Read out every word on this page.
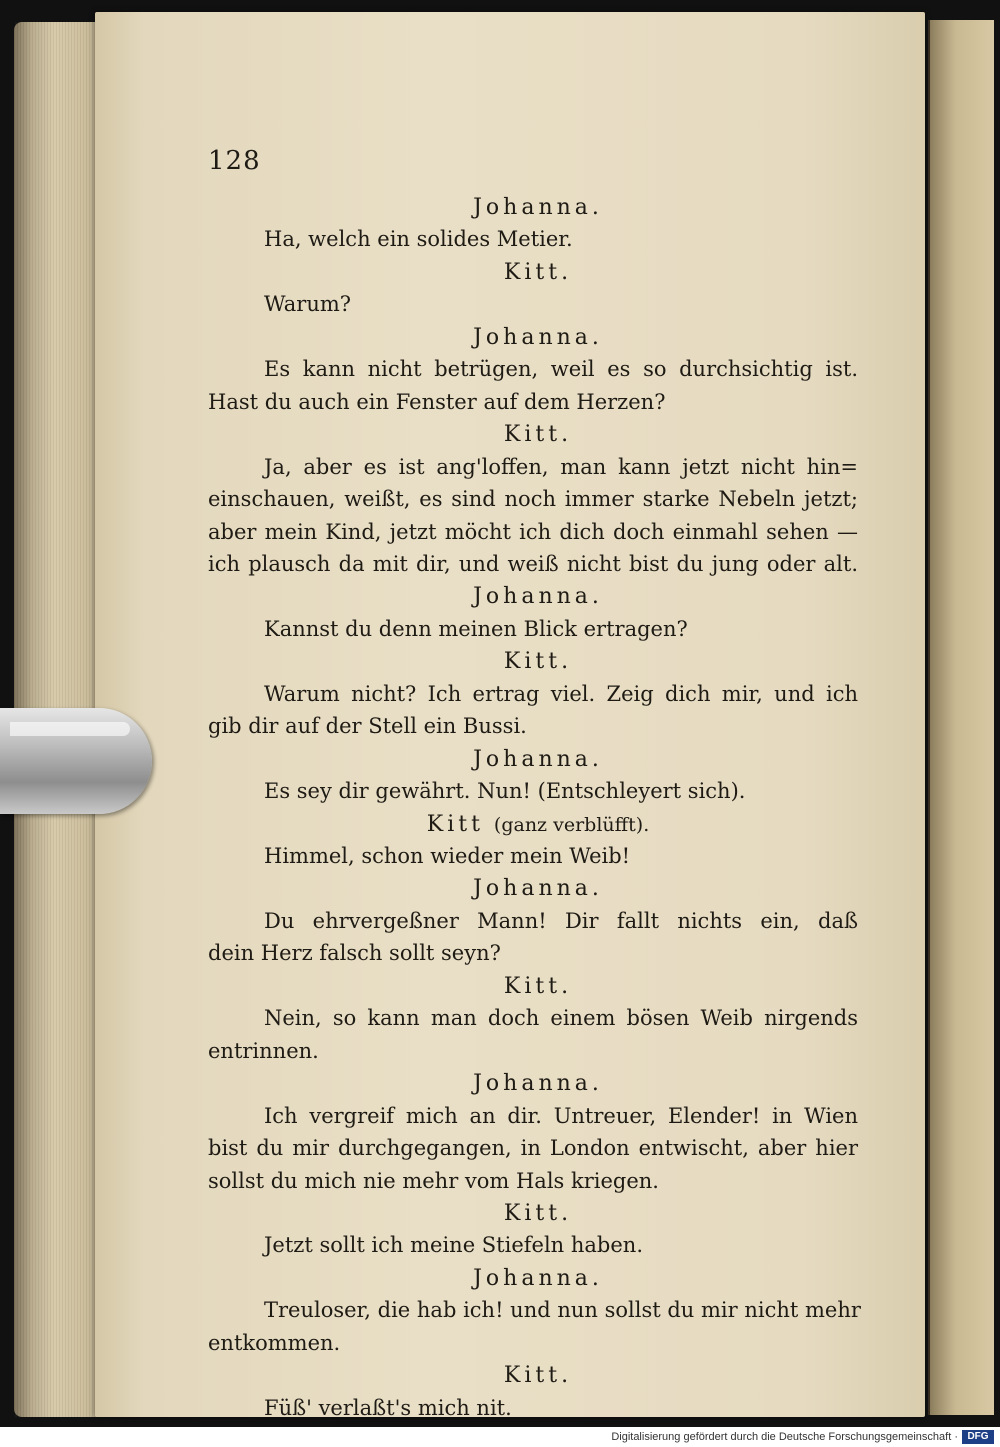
128
Johanna.
Ha, welch ein solides Metier.
Kitt.
Warum?
Johanna.
Es kann nicht betrügen, weil es so durchsichtig ist.
Hast du auch ein Fenster auf dem Herzen?
Kitt.
Ja, aber es ist ang'loffen, man kann jetzt nicht hin=
einschauen, weißt, es sind noch immer starke Nebeln jetzt;
aber mein Kind, jetzt möcht ich dich doch einmahl sehen —
ich plausch da mit dir, und weiß nicht bist du jung oder alt.
Johanna.
Kannst du denn meinen Blick ertragen?
Kitt.
Warum nicht? Ich ertrag viel. Zeig dich mir, und ich
gib dir auf der Stell ein Bussi.
Johanna.
Es sey dir gewährt. Nun! (Entschleyert sich).
Kitt (ganz verblüfft).
Himmel, schon wieder mein Weib!
Johanna.
Du ehrvergeßner Mann! Dir fallt nichts ein, daß
dein Herz falsch sollt seyn?
Kitt.
Nein, so kann man doch einem bösen Weib nirgends
entrinnen.
Johanna.
Ich vergreif mich an dir. Untreuer, Elender! in Wien
bist du mir durchgegangen, in London entwischt, aber hier
sollst du mich nie mehr vom Hals kriegen.
Kitt.
Jetzt sollt ich meine Stiefeln haben.
Johanna.
Treuloser, die hab ich! und nun sollst du mir nicht mehr
entkommen.
Kitt.
Füß' verlaßt's mich nit.
Digitalisierung gefördert durch die Deutsche Forschungsgemeinschaft · DFG
